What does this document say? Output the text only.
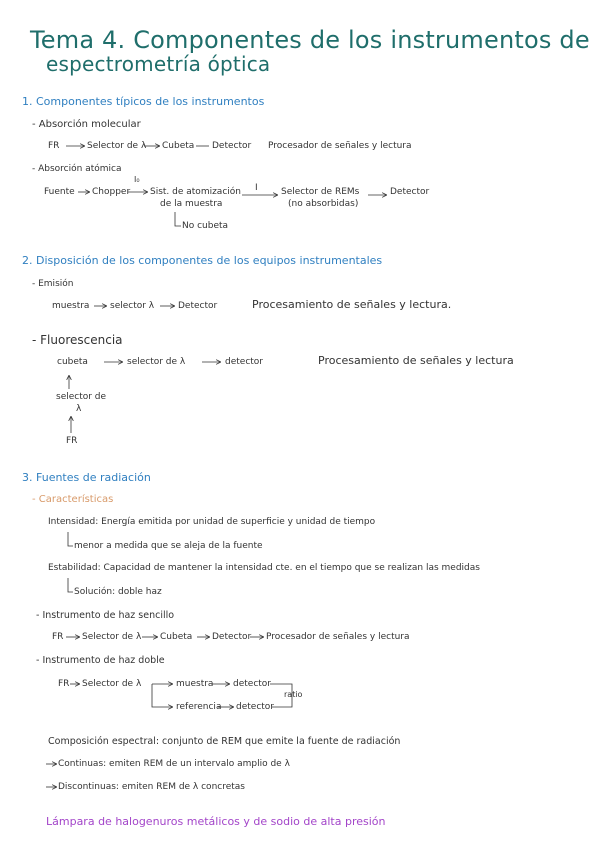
Tema 4. Componentes de los instrumentos de
espectrometría óptica
1. Componentes típicos de los instrumentos
- Absorción molecular
FR	Selector de λ Cubeta Detector Procesador de señales y lectura
- Absorción atómica
Fuente Chopper
I₀
Sist. de atomización
de la muestra
I	Selector de REMs
(no absorbidas)
Detector
No cubeta
2. Disposición de los componentes de los equipos instrumentales
- Emisión
muestra selector λ	Detector	Procesamiento de señales y lectura.
- Fluorescencia
cubeta	selector de λ	detector	Procesamiento de señales y lectura
selector de
λ
FR
3. Fuentes de radiación
- Características
Intensidad: Energía emitida por unidad de superficie y unidad de tiempo
menor a medida que se aleja de la fuente
Estabilidad: Capacidad de mantener la intensidad cte. en el tiempo que se realizan las medidas
Solución: doble haz
- Instrumento de haz sencillo
FR Selector de λ Cubeta Detector Procesador de señales y lectura
- Instrumento de haz doble
FR Selector de λ	muestra detector
ratio
referencia detector
Composición espectral: conjunto de REM que emite la fuente de radiación
Continuas: emiten REM de un intervalo amplio de λ
Discontinuas: emiten REM de λ concretas
Lámpara de halogenuros metálicos y de sodio de alta presión
